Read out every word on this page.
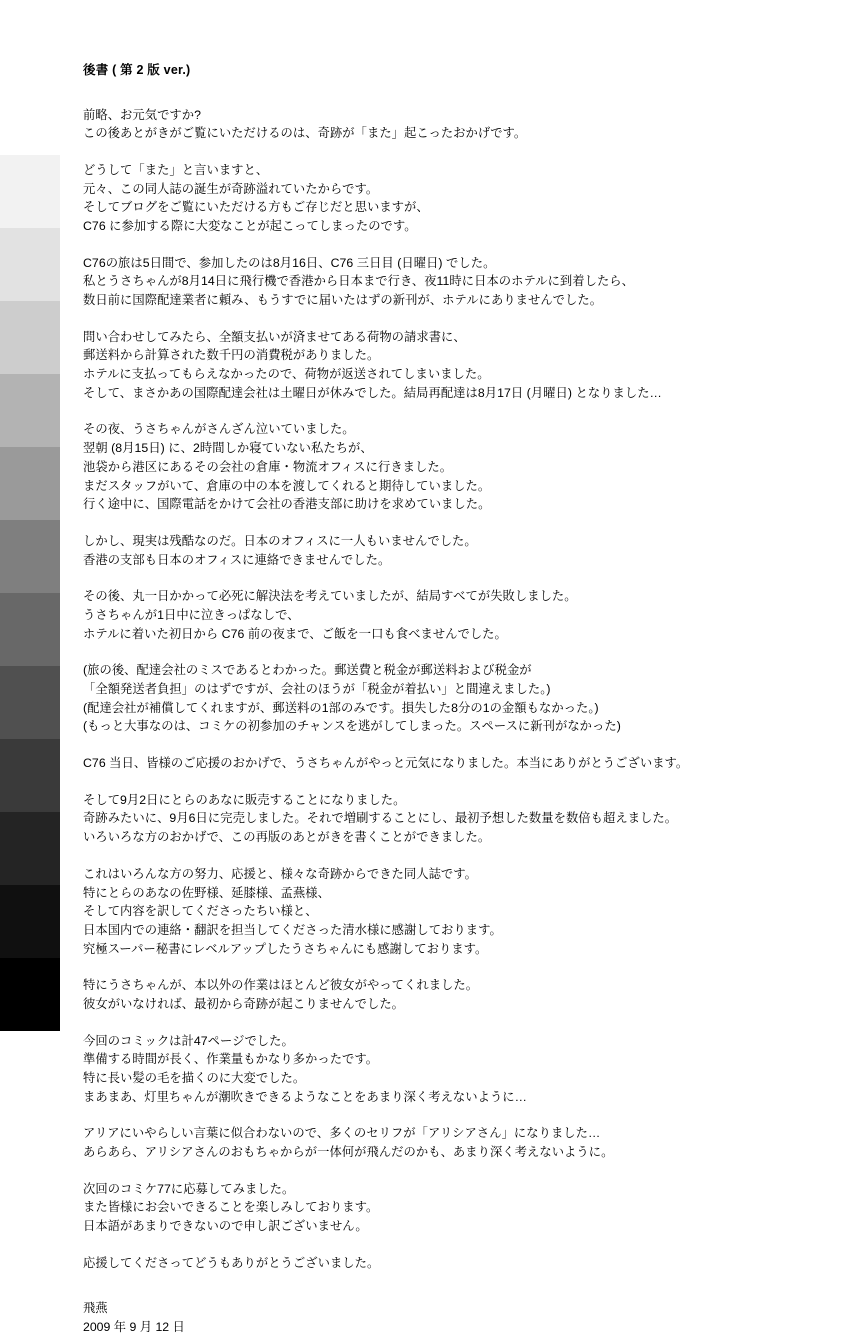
後書 ( 第 2 版 ver.)
前略、お元気ですか?
この後あとがきがご覧にいただけるのは、奇跡が「また」起こったおかげです。
どうして「また」と言いますと、
元々、この同人誌の誕生が奇跡溢れていたからです。
そしてブログをご覧にいただける方もご存じだと思いますが、
C76 に参加する際に大変なことが起こってしまったのです。
C76の旅は5日間で、参加したのは8月16日、C76 三日目 (日曜日) でした。
私とうさちゃんが8月14日に飛行機で香港から日本まで行き、夜11時に日本のホテルに到着したら、
数日前に国際配達業者に頼み、もうすでに届いたはずの新刊が、ホテルにありませんでした。
問い合わせしてみたら、全額支払いが済ませてある荷物の請求書に、
郵送料から計算された数千円の消費税がありました。
ホテルに支払ってもらえなかったので、荷物が返送されてしまいました。
そして、まさかあの国際配達会社は土曜日が休みでした。結局再配達は8月17日 (月曜日) となりました…
その夜、うさちゃんがさんざん泣いていました。
翌朝 (8月15日) に、2時間しか寝ていない私たちが、
池袋から港区にあるその会社の倉庫・物流オフィスに行きました。
まだスタッフがいて、倉庫の中の本を渡してくれると期待していました。
行く途中に、国際電話をかけて会社の香港支部に助けを求めていました。
しかし、現実は残酷なのだ。日本のオフィスに一人もいませんでした。
香港の支部も日本のオフィスに連絡できませんでした。
その後、丸一日かかって必死に解決法を考えていましたが、結局すべてが失敗しました。
うさちゃんが1日中に泣きっぱなしで、
ホテルに着いた初日から C76 前の夜まで、ご飯を一口も食べませんでした。
(旅の後、配達会社のミスであるとわかった。郵送費と税金が郵送料および税金が
「全額発送者負担」のはずですが、会社のほうが「税金が着払い」と間違えました。)
(配達会社が補償してくれますが、郵送料の1部のみです。損失した8分の1の金額もなかった。)
(もっと大事なのは、コミケの初参加のチャンスを逃がしてしまった。スペースに新刊がなかった)
C76 当日、皆様のご応援のおかげで、うさちゃんがやっと元気になりました。本当にありがとうございます。
そして9月2日にとらのあなに販売することになりました。
奇跡みたいに、9月6日に完売しました。それで増刷することにし、最初予想した数量を数倍も超えました。
いろいろな方のおかげで、この再版のあとがきを書くことができました。
これはいろんな方の努力、応援と、様々な奇跡からできた同人誌です。
特にとらのあなの佐野様、延膝様、孟燕様、
そして内容を訳してくださったちい様と、
日本国内での連絡・翻訳を担当してくださった清水様に感謝しております。
究極スーパー秘書にレベルアップしたうさちゃんにも感謝しております。
特にうさちゃんが、本以外の作業はほとんど彼女がやってくれました。
彼女がいなければ、最初から奇跡が起こりませんでした。
今回のコミックは計47ページでした。
準備する時間が長く、作業量もかなり多かったです。
特に長い髪の毛を描くのに大変でした。
まあまあ、灯里ちゃんが潮吹きできるようなことをあまり深く考えないように…
アリアにいやらしい言葉に似合わないので、多くのセリフが「アリシアさん」になりました…
あらあら、アリシアさんのおもちゃからが一体何が飛んだのかも、あまり深く考えないように。
次回のコミケ77に応募してみました。
また皆様にお会いできることを楽しみしております。
日本語があまりできないので申し訳ございません。
応援してくださってどうもありがとうございました。
飛燕
2009 年 9 月 12 日
